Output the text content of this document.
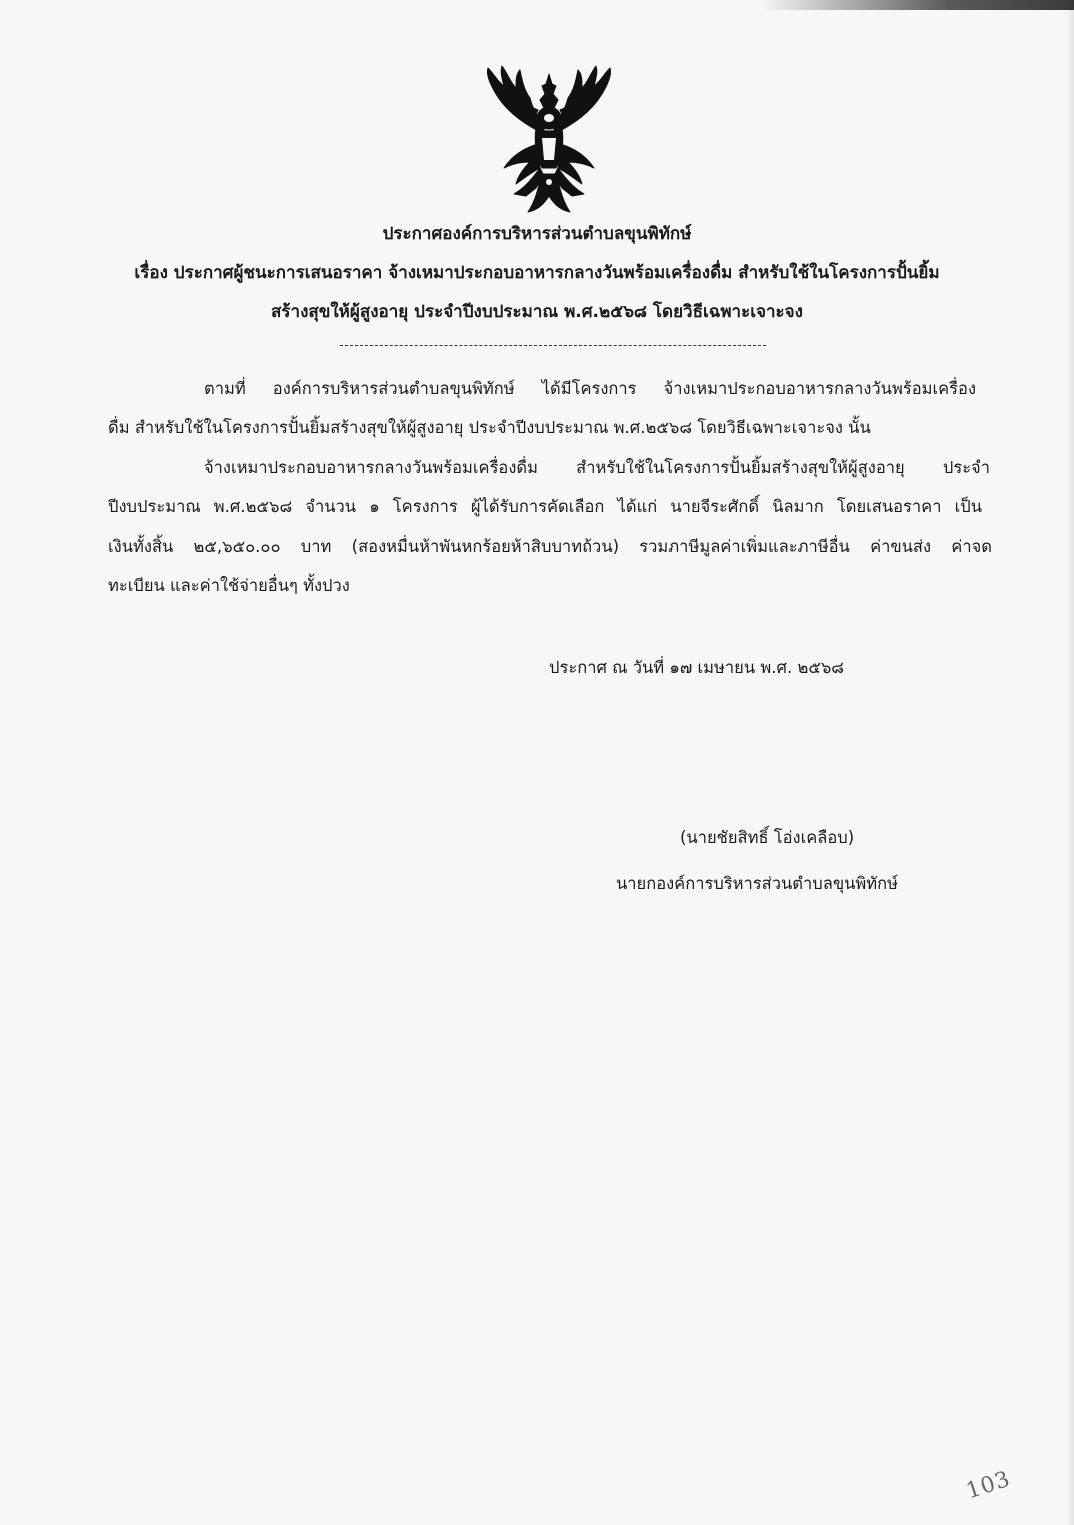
ประกาศองค์การบริหารส่วนตำบลขุนพิทักษ์
เรื่อง ประกาศผู้ชนะการเสนอราคา จ้างเหมาประกอบอาหารกลางวันพร้อมเครื่องดื่ม สำหรับใช้ในโครงการปั้นยิ้ม
สร้างสุขให้ผู้สูงอายุ ประจำปีงบประมาณ พ.ศ.๒๕๖๘ โดยวิธีเฉพาะเจาะจง
ตามที่ องค์การบริหารส่วนตำบลขุนพิทักษ์ ได้มีโครงการ จ้างเหมาประกอบอาหารกลางวันพร้อมเครื่อง
ดื่ม สำหรับใช้ในโครงการปั้นยิ้มสร้างสุขให้ผู้สูงอายุ ประจำปีงบประมาณ พ.ศ.๒๕๖๘ โดยวิธีเฉพาะเจาะจง นั้น
จ้างเหมาประกอบอาหารกลางวันพร้อมเครื่องดื่ม สำหรับใช้ในโครงการปั้นยิ้มสร้างสุขให้ผู้สูงอายุ ประจำ
ปีงบประมาณ พ.ศ.๒๕๖๘ จำนวน ๑ โครงการ ผู้ได้รับการคัดเลือก ได้แก่ นายจีระศักดิ์ นิลมาก โดยเสนอราคา เป็น
เงินทั้งสิ้น ๒๕,๖๕๐.๐๐ บาท (สองหมื่นห้าพันหกร้อยห้าสิบบาทถ้วน) รวมภาษีมูลค่าเพิ่มและภาษีอื่น ค่าขนส่ง ค่าจด
ทะเบียน และค่าใช้จ่ายอื่นๆ ทั้งปวง
ประกาศ ณ วันที่ ๑๗ เมษายน พ.ศ. ๒๕๖๘
(นายชัยสิทธิ์ โอ่งเคลือบ)
นายกองค์การบริหารส่วนตำบลขุนพิทักษ์
103
